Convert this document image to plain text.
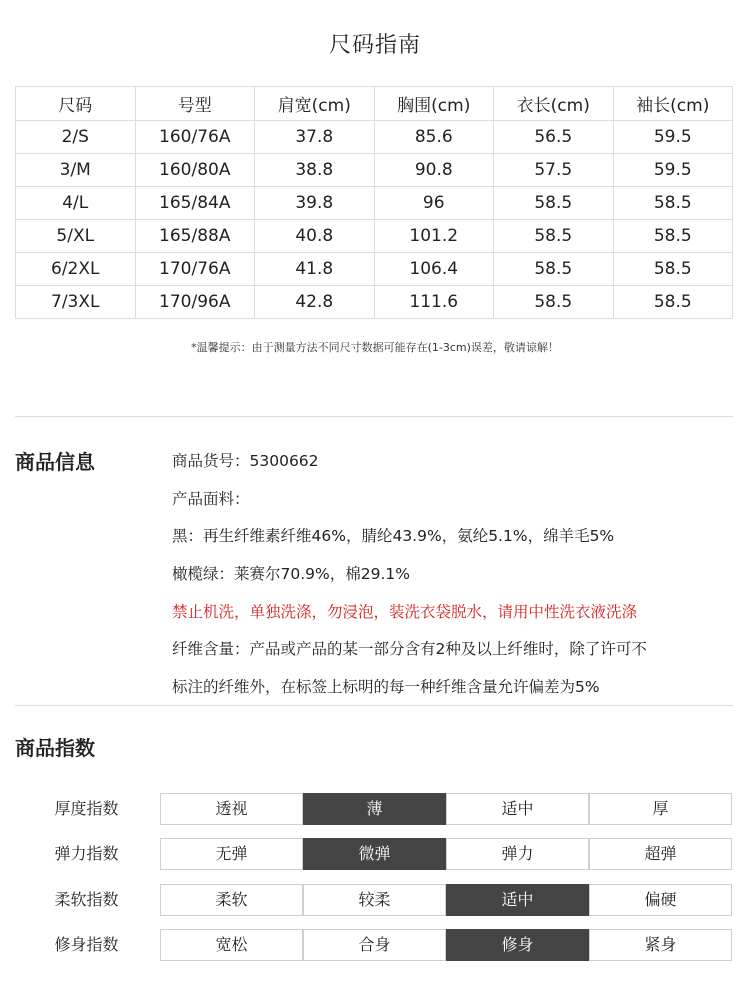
尺码指南
尺码	号型	肩宽(cm)	胸围(cm)	衣长(cm)	袖长(cm)
2/S	160/76A	37.8	85.6	56.5	59.5
3/M	160/80A	38.8	90.8	57.5	59.5
4/L	165/84A	39.8	96	58.5	58.5
5/XL	165/88A	40.8	101.2	58.5	58.5
6/2XL	170/76A	41.8	106.4	58.5	58.5
7/3XL	170/96A	42.8	111.6	58.5	58.5
*温馨提示：由于测量方法不同尺寸数据可能存在(1-3cm)误差，敬请谅解！
商品信息	商品货号：5300662
产品面料：
黑：再生纤维素纤维46%，腈纶43.9%，氨纶5.1%，绵羊毛5%
橄榄绿：莱赛尔70.9%，棉29.1%
禁止机洗，单独洗涤，勿浸泡，装洗衣袋脱水，请用中性洗衣液洗涤
纤维含量：产品或产品的某一部分含有2种及以上纤维时，除了许可不
标注的纤维外，在标签上标明的每一种纤维含量允许偏差为5%
商品指数
厚度指数	透视	薄	适中	厚
弹力指数	无弹	微弹	弹力	超弹
柔软指数	柔软	较柔	适中	偏硬
修身指数	宽松	合身	修身	紧身
